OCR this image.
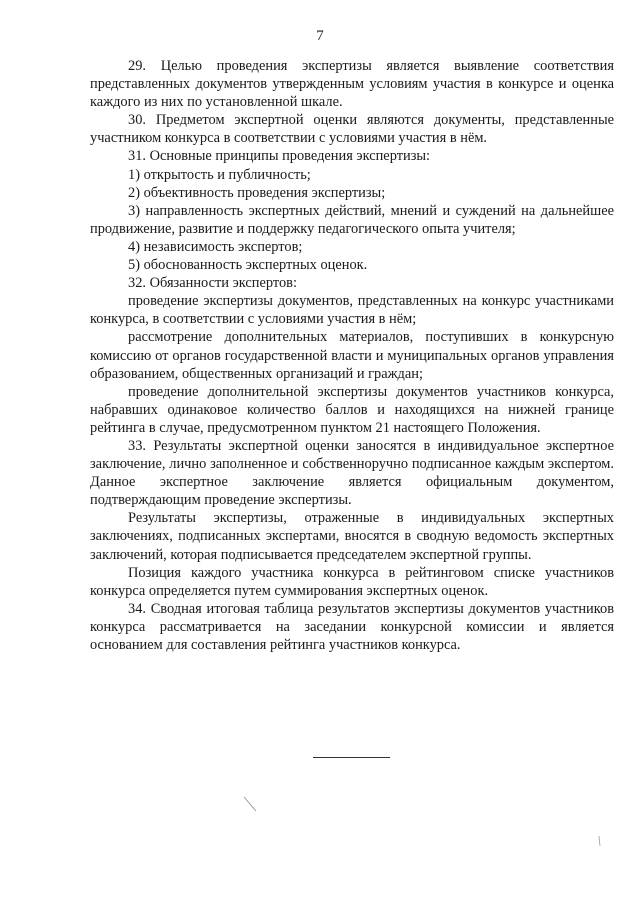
7

29. Целью проведения экспертизы является выявление соответствия представленных документов утвержденным условиям участия в конкурсе и оценка каждого из них по установленной шкале.

30. Предметом экспертной оценки являются документы, представленные участником конкурса в соответствии с условиями участия в нём.

31. Основные принципы проведения экспертизы:

1) открытость и публичность;

2) объективность проведения экспертизы;

3) направленность экспертных действий, мнений и суждений на дальнейшее продвижение, развитие и поддержку педагогического опыта учителя;

4) независимость экспертов;

5) обоснованность экспертных оценок.

32. Обязанности экспертов:

проведение экспертизы документов, представленных на конкурс участниками конкурса, в соответствии с условиями участия в нём;

рассмотрение дополнительных материалов, поступивших в конкурсную комиссию от органов государственной власти и муниципальных органов управления образованием, общественных организаций и граждан;

проведение дополнительной экспертизы документов участников конкурса, набравших одинаковое количество баллов и находящихся на нижней границе рейтинга в случае, предусмотренном пунктом 21 настоящего Положения.

33. Результаты экспертной оценки заносятся в индивидуальное экспертное заключение, лично заполненное и собственноручно подписанное каждым экспертом. Данное экспертное заключение является официальным документом, подтверждающим проведение экспертизы.

Результаты экспертизы, отраженные в индивидуальных экспертных заключениях, подписанных экспертами, вносятся в сводную ведомость экспертных заключений, которая подписывается председателем экспертной группы.

Позиция каждого участника конкурса в рейтинговом списке участников конкурса определяется путем суммирования экспертных оценок.

34. Сводная итоговая таблица результатов экспертизы документов участников конкурса рассматривается на заседании конкурсной комиссии и является основанием для составления рейтинга участников конкурса.
